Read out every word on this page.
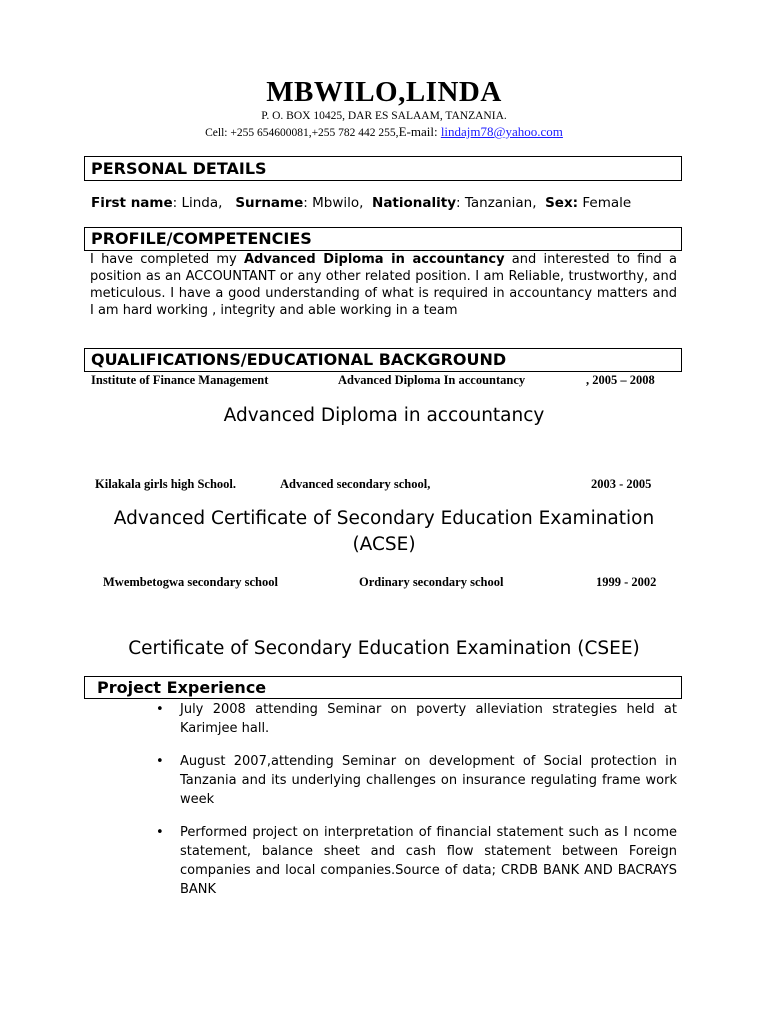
MBWILO,LINDA
P. O. BOX 10425, DAR ES SALAAM, TANZANIA.
Cell: +255 654600081,+255 782 442 255,E-mail: lindajm78@yahoo.com
PERSONAL DETAILS
First name: Linda, Surname: Mbwilo, Nationality: Tanzanian, Sex: Female
PROFILE/COMPETENCIES
I have completed my Advanced Diploma in accountancy and interested to find a position as an ACCOUNTANT or any other related position. I am Reliable, trustworthy, and meticulous. I have a good understanding of what is required in accountancy matters and I am hard working , integrity and able working in a team
QUALIFICATIONS/EDUCATIONAL BACKGROUND
Institute of Finance Management	Advanced Diploma In accountancy	, 2005 – 2008
Advanced Diploma in accountancy
Kilakala girls high School.	Advanced secondary school,	2003 - 2005
Advanced Certificate of Secondary Education Examination (ACSE)
Mwembetogwa secondary school	Ordinary secondary school	1999 - 2002
Certificate of Secondary Education Examination (CSEE)
Project Experience
• July 2008 attending Seminar on poverty alleviation strategies held at Karimjee hall.
• August 2007,attending Seminar on development of Social protection in Tanzania and its underlying challenges on insurance regulating frame work week
• Performed project on interpretation of financial statement such as I ncome statement, balance sheet and cash flow statement between Foreign companies and local companies.Source of data; CRDB BANK AND BACRAYS BANK
